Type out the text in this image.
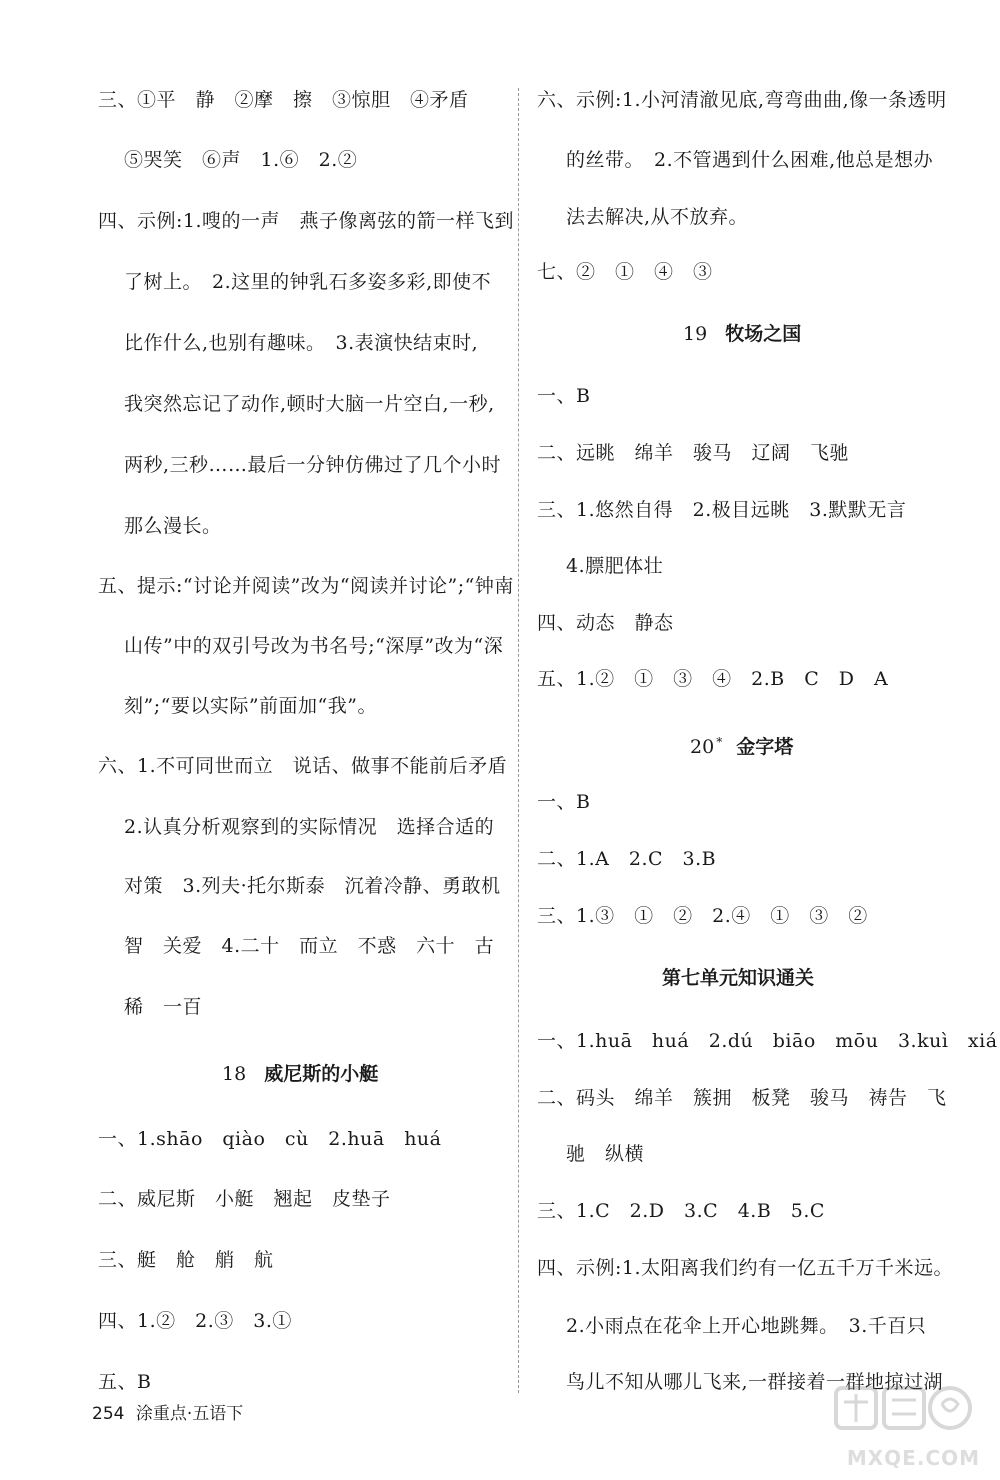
三、①平　静　②摩　擦　③惊胆　④矛盾
⑤哭笑　⑥声　1.⑥　2.②
四、示例:1.嗖的一声　燕子像离弦的箭一样飞到
了树上。　2.这里的钟乳石多姿多彩,即使不
比作什么,也别有趣味。　3.表演快结束时,
我突然忘记了动作,顿时大脑一片空白,一秒,
两秒,三秒……最后一分钟仿佛过了几个小时
那么漫长。
五、提示:“讨论并阅读”改为“阅读并讨论”;“钟南
山传”中的双引号改为书名号;“深厚”改为“深
刻”;“要以实际”前面加“我”。
六、1.不可同世而立　说话、做事不能前后矛盾
2.认真分析观察到的实际情况　选择合适的
对策　3.列夫·托尔斯泰　沉着冷静、勇敢机
智　关爱　4.二十　而立　不惑　六十　古
稀　一百
18 威尼斯的小艇
一、1.shāo　qiào　cù　2.huā　huá
二、威尼斯　小艇　翘起　皮垫子
三、艇　舱　艄　航
四、1.②　2.③　3.①
五、B
六、示例:1.小河清澈见底,弯弯曲曲,像一条透明
的丝带。　2.不管遇到什么困难,他总是想办
法去解决,从不放弃。
七、②　①　④　③
19 牧场之国
一、B
二、远眺　绵羊　骏马　辽阔　飞驰
三、1.悠然自得　2.极目远眺　3.默默无言
4.膘肥体壮
四、动态　静态
五、1.②　①　③　④　2.B　C　D　A
20 * 金字塔
一、B
二、1.A　2.C　3.B
三、1.③　①　②　2.④　①　③　②
第七单元知识通关
一、1.huā　huá　2.dú　biāo　mōu　3.kuì　xiá
二、码头　绵羊　簇拥　板凳　骏马　祷告　飞
驰　纵横
三、1.C　2.D　3.C　4.B　5.C
四、示例:1.太阳离我们约有一亿五千万千米远。
2.小雨点在花伞上开心地跳舞。　3.千百只
鸟儿不知从哪儿飞来,一群接着一群地掠过湖
254 涂重点·五语下
MXQE.COM
